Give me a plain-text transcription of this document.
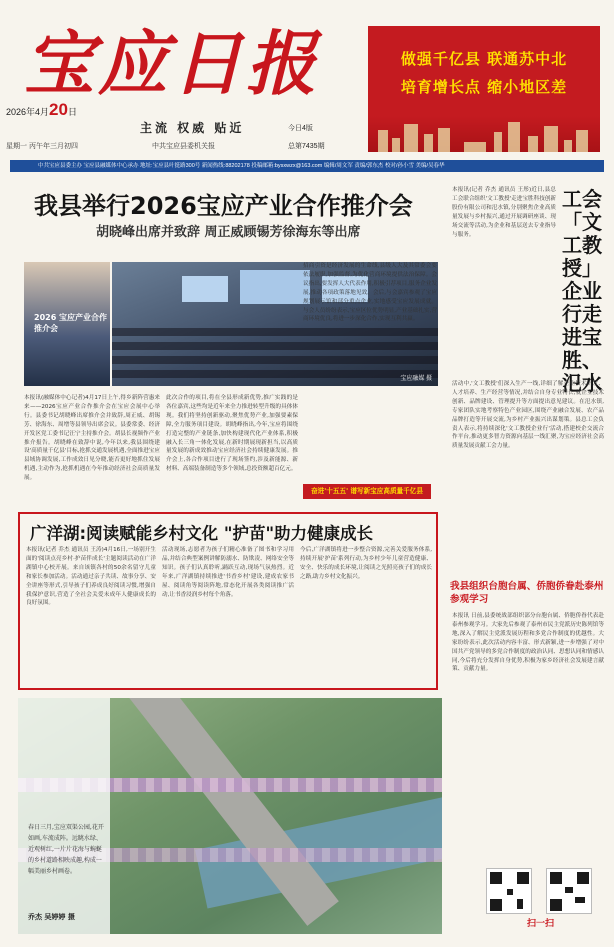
宝应日报
2026年4月20日
星期一 丙午年三月初四
主流 权威 贴近
中共宝应县委机关报
今日4版
总第7435期
做强千亿县 联通苏中北
培育增长点 缩小地区差
中共宝应县委主办 宝应县融媒体中心承办 地址:宝应县叶挺路300号 新闻热线:88202178 投稿邮箱:bysxwzx@163.com 编辑/周文军 责编/郭东杰 校对/孙小雪 美编/吴春华
我县举行2026宝应产业合作推介会
胡晓峰出席并致辞 周正威顾锡芳徐海东等出席
2026 宝应产业合作推介会
宝应融媒 摄
本报讯(融媒体中心记者)4月17日上午,得乡新阵营惠来来——2026宝应产业合作推介会在宝应会展中心举行。县委书记胡晓峰出席推介会并致辞,周正威、胡锡芳、徐海东、周增等县领导出席会议。县委常委、经济开发区党工委书记汪宁主持推介会。胡县长视频作产业推介报告。胡晓峰在致辞中说,今年以来,我县围绕建设'高质量千亿县'目标,抢抓交通发展机遇,全面推进宝应县域协调发展,工作成效日见分晓,能否更好地抓住发展机遇,主动作为,抢抓机遇在今年推动经济社会高质量发展。
此次合作的项目,将在全县形成新优势,推广实践的是各位嘉宾,这些均是近年来全力推进转型升级的具体体现。我们将坚持创新驱动,聚焦优势产业,加强要素保障,全力服务项目建设。胡晓峰指出,今年,宝应将围绕打造完整的产业链条,加快构建现代化产业体系,积极融入长三角一体化发展,在新时期展现新担当,以高质量发展的新成效推动宝应经济社会持续健康发展。推介会上,各合作项目进行了现场签约,涉及新能源、新材料、高端装备制造等多个领域,总投资额超百亿元。
招商引资是经济发展的生命线,县级人大及其常委会要依法履职,加强监督,为优化营商环境提供法治保障。会议指出,要发挥人大代表作用,积极引荐项目,服务企业发展,推动各项政策落地见效。会后,与会嘉宾参观了宝应规划展示馆和部分重点企业,实地感受宝应发展成就。与会人员纷纷表示,宝应区位优势明显,产业基础扎实,营商环境优良,将进一步深化合作,实现互利共赢。
奋进'十五五' 谱写新宝应高质量千亿县
广洋湖:阅读赋能乡村文化 "护苗"助力健康成长
本报讯(记者 乔杰 通讯员 王涛)4月16日,一场别开生面的'阅读点亮乡村·护苗伴成长'主题阅读活动在广洋湖镇中心校开展。来自该镇各村的50余名留守儿童和家长参加活动。活动通过亲子共读、故事分享、安全讲座等形式,引导孩子们养成良好阅读习惯,增强自我保护意识,营造了全社会关爱未成年人健康成长的良好氛围。
活动现场,志愿者为孩子们精心准备了图书和学习用品,并结合典型案例讲解防溺水、防欺凌、网络安全等知识。孩子们认真聆听,踊跃互动,现场气氛热烈。近年来,广洋湖镇持续推进'书香乡村'建设,建成农家书屋、阅读角等阅读阵地,常态化开展各类阅读推广活动,让书香浸润乡村每个角落。
今后,广洋湖镇将进一步整合资源,完善关爱服务体系,持续开展'护苗'系列行动,为乡村少年儿童营造健康、安全、快乐的成长环境,让阅读之光照亮孩子们的成长之路,助力乡村文化振兴。
春日三月,宝应双渠公园,花开如画,车流成阵。远眺水绿、近观树红,一片片花海与蜿蜒的乡村道路相映成趣,构成一幅美丽乡村画卷。
乔杰 吴婷婷 摄
工会「文工教授」企业行走进宝胜、氾水
本报讯(记者 乔杰 通讯员 王彤)近日,县总工会联合组织'文工教授'走进宝胜科技创新股份有限公司和氾水镇,分别聚焦企业高质量发展与乡村振兴,通过开展调研座谈、现场交流等活动,为企业和基层送去专业指导与服务。
活动中,'文工教授'们深入生产一线,详细了解企业技术研发、人才培养、生产经营等情况,并结合自身专业特长,就企业技术创新、品牌建设、管理提升等方面提出意见建议。在氾水镇,专家团队实地考察特色产业园区,围绕产业融合发展、农产品品牌打造等开展交流,为乡村产业振兴出谋划策。县总工会负责人表示,将持续深化'文工教授企业行'活动,搭建校企交流合作平台,推动更多智力资源向基层一线汇聚,为宝应经济社会高质量发展贡献工会力量。
我县组织台胞台属、侨胞侨眷赴泰州参观学习
本报讯 日前,县委统战部组织部分台胞台属、侨胞侨眷代表赴泰州参观学习。大家先后参观了泰州市民主党派历史陈列馆等地,深入了解民主党派发展历程和多党合作制度的优越性。大家纷纷表示,此次活动内容丰富、形式新颖,进一步增强了对中国共产党领导的多党合作制度的政治认同、思想认同和情感认同,今后将充分发挥自身优势,积极为家乡经济社会发展建言献策、贡献力量。
扫一扫
